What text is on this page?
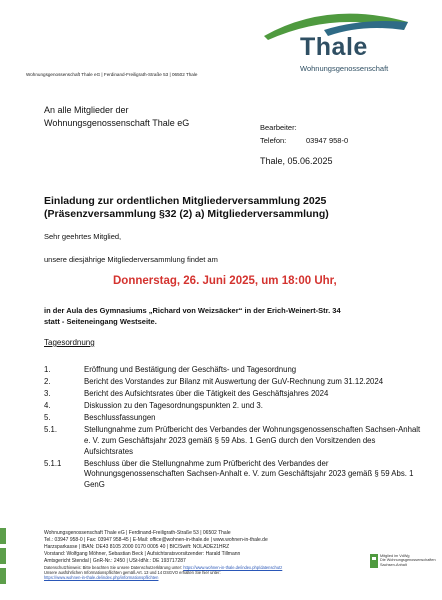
Thale
Wohnungsgenossenschaft
Wohnungsgenossenschaft Thale eG | Ferdinand-Freiligrath-Straße 53 | 06502 Thale
An alle Mitglieder der
Wohnungsgenossenschaft Thale eG	Bearbeiter:
Telefon:	03947 958-0
Thale, 05.06.2025
Einladung zur ordentlichen Mitgliederversammlung 2025
(Präsenzversammlung §32 (2) a) Mitgliederversammlung)
Sehr geehrtes Mitglied,
unsere diesjährige Mitgliederversammlung findet am
Donnerstag, 26. Juni 2025, um 18:00 Uhr,
in der Aula des Gymnasiums „Richard von Weizsäcker“ in der Erich-Weinert-Str. 34
statt - Seiteneingang Westseite.
Tagesordnung
1.	Eröffnung und Bestätigung der Geschäfts- und Tagesordnung
2.	Bericht des Vorstandes zur Bilanz mit Auswertung der GuV-Rechnung zum 31.12.2024
3.	Bericht des Aufsichtsrates über die Tätigkeit des Geschäftsjahres 2024
4.	Diskussion zu den Tagesordnungspunkten 2. und 3.
5.	Beschlussfassungen
5.1.	Stellungnahme zum Prüfbericht des Verbandes der Wohnungsgenossenschaften Sachsen-Anhalt e. V. zum Geschäftsjahr 2023 gemäß § 59 Abs. 1 GenG durch den Vorsitzenden des Aufsichtsrates
5.1.1	Beschluss über die Stellungnahme zum Prüfbericht des Verbandes der Wohnungsgenossenschaften Sachsen-Anhalt e. V. zum Geschäftsjahr 2023 gemäß § 59 Abs. 1 GenG
Wohnungsgenossenschaft Thale eG | Ferdinand-Freiligrath-Straße 53 | 06502 Thale
Tel.: 03947 958-0 | Fax: 03947 958-45 | E-Mail: office@wohnen-in-thale.de | www.wohnen-in-thale.de
Harzsparkasse | IBAN: DE43 8105 2000 0170 0005 40 | BIC/Swift: NOLADE21HRZ
Vorstand: Wolfgang Möhner, Sebastian Beck | Aufsichtsratsvorsitzender: Harald Tillmann
Amtsgericht Stendal | GnR-Nr.: 2450 | USt-IdNr.: DE 193717287
Datenschutzhinweis: Bitte beachten Sie unsere Datenschutzerklärung unter: https://www.wohnen-in-thale.de/index.php/datenschutz
Unsere ausführlichen Informationspflichten gemäß Art. 13 und 14 DSGVO erhalten Sie hier unter:
https://www.wohnen-in-thale.de/index.php/informationspflichten
Mitglied im VdWg
Die Wohnungsgenossenschaften
Sachsen-Anhalt
